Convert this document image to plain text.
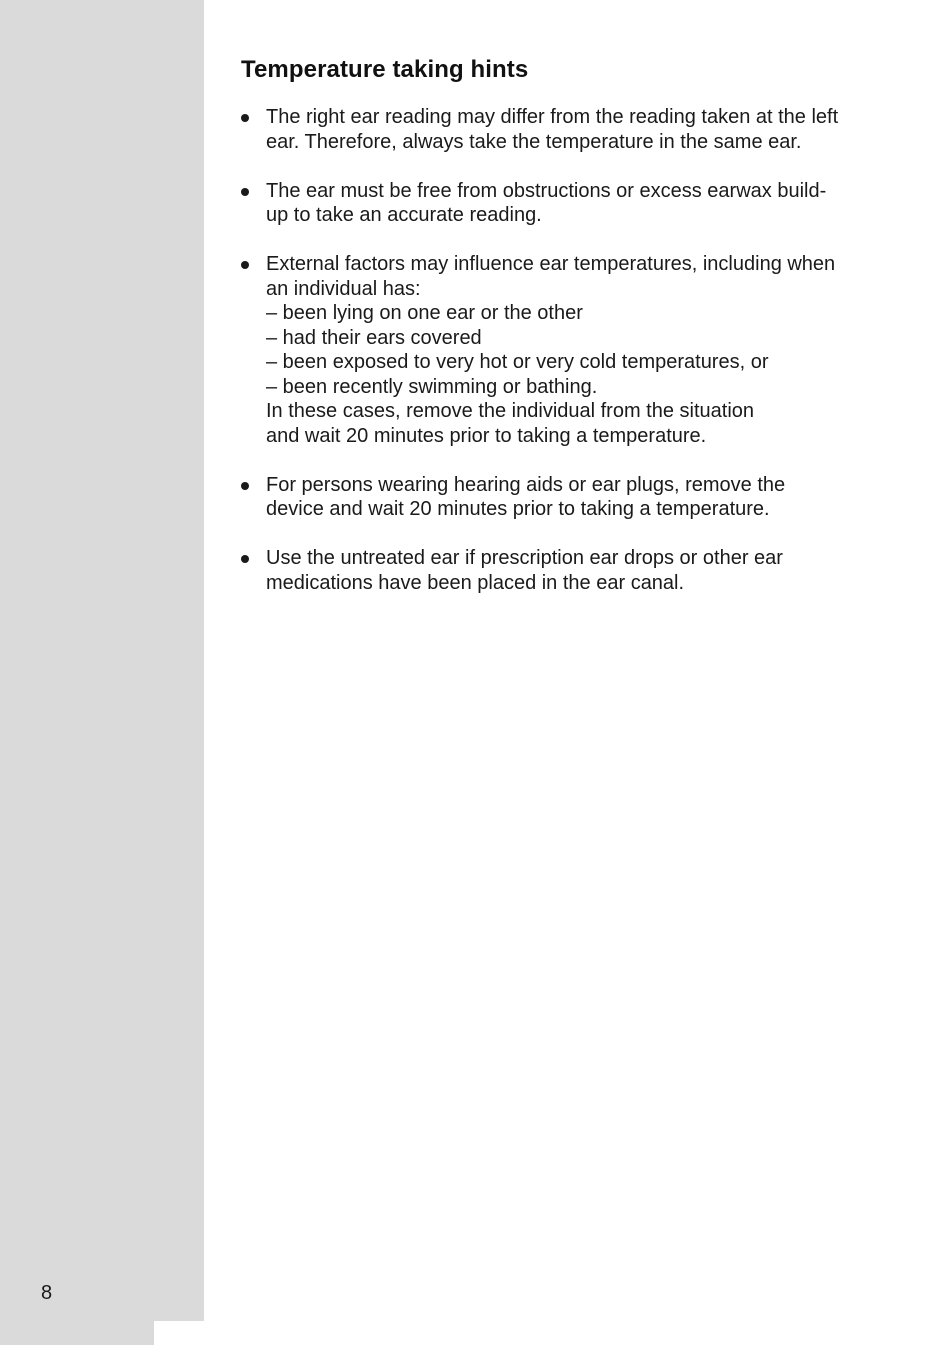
8
Temperature taking hints
The right ear reading may differ from the reading taken at the left
ear. Therefore, always take the temperature in the same ear.
The ear must be free from obstructions or excess earwax build-
up to take an accurate reading.
External factors may influence ear temperatures, including when
an individual has:
– been lying on one ear or the other
– had their ears covered
– been exposed to very hot or very cold temperatures, or
– been recently swimming or bathing.
In these cases, remove the individual from the situation
and wait 20 minutes prior to taking a temperature.
For persons wearing hearing aids or ear plugs, remove the
device and wait 20 minutes prior to taking a temperature.
Use the untreated ear if prescription ear drops or other ear
medications have been placed in the ear canal.
